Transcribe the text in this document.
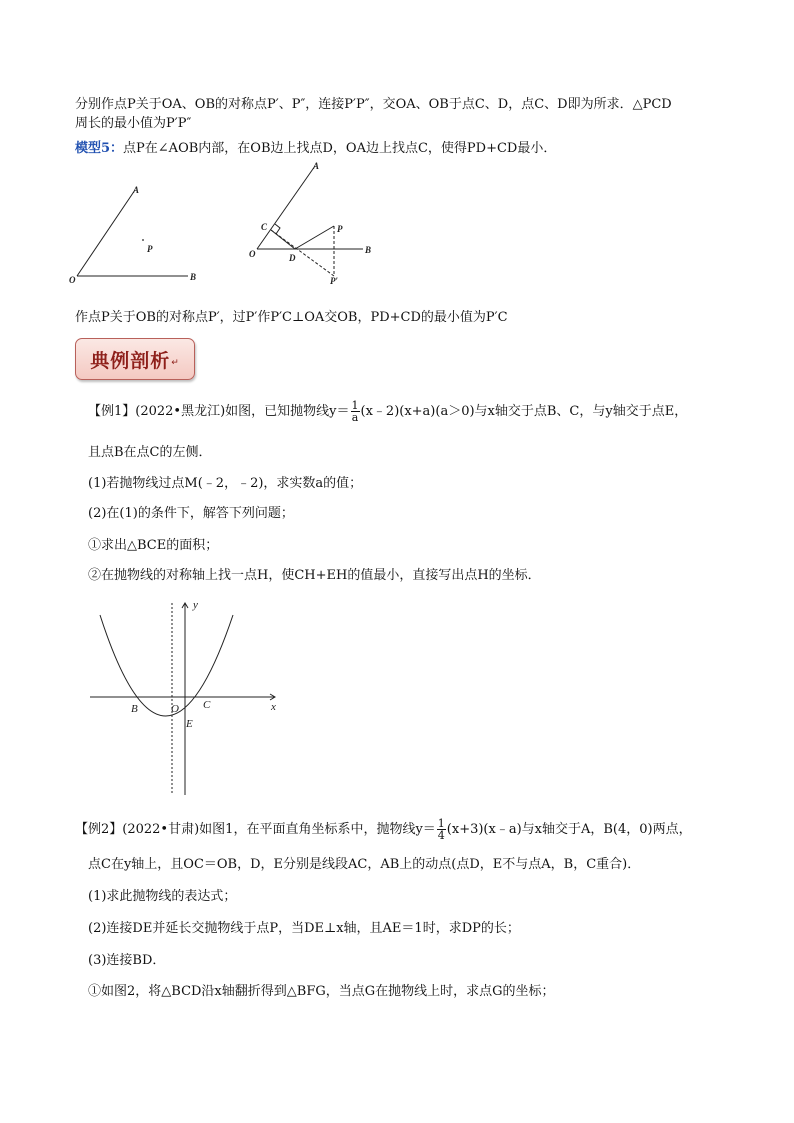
分别作点P关于OA、OB的对称点P′、P″，连接P′P″，交OA、OB于点C、D，点C、D即为所求．△PCD
周长的最小值为P′P″
模型5：点P在∠AOB内部，在OB边上找点D，OA边上找点C，使得PD+CD最小．
A
P
O	B
A
C	P
O	D
B
P′
作点P关于OB的对称点P′，过P′作P′C⊥OA交OB，PD+CD的最小值为P′C
典例剖析 ↵
【例1】(2022•黑龙江)如图，已知抛物线$y= \frac{1}{a}$ (x﹣2)(x+a)(a＞0)与x轴交于点B、C，与y轴交于点E，
且点B在点C的左侧．
(1)若抛物线过点M(﹣2，﹣2)，求实数a的值；
(2)在(1)的条件下，解答下列问题；
①求出△BCE的面积；
②在抛物线的对称轴上找一点H，使CH+EH的值最小，直接写出点H的坐标．
y
x
B	O C
E
【例2】(2022•甘肃)如图1，在平面直角坐标系中，抛物线$y= \frac{1}{4}$ (x+3)(x﹣a)与x轴交于A，B(4，0)两点，
点C在y轴上，且OC＝OB，D，E分别是线段AC，AB上的动点(点D，E不与点A，B，C重合)．
(1)求此抛物线的表达式；
(2)连接DE并延长交抛物线于点P，当DE⊥x轴，且AE＝1时，求DP的长；
(3)连接BD．
①如图2，将△BCD沿x轴翻折得到△BFG，当点G在抛物线上时，求点G的坐标；
